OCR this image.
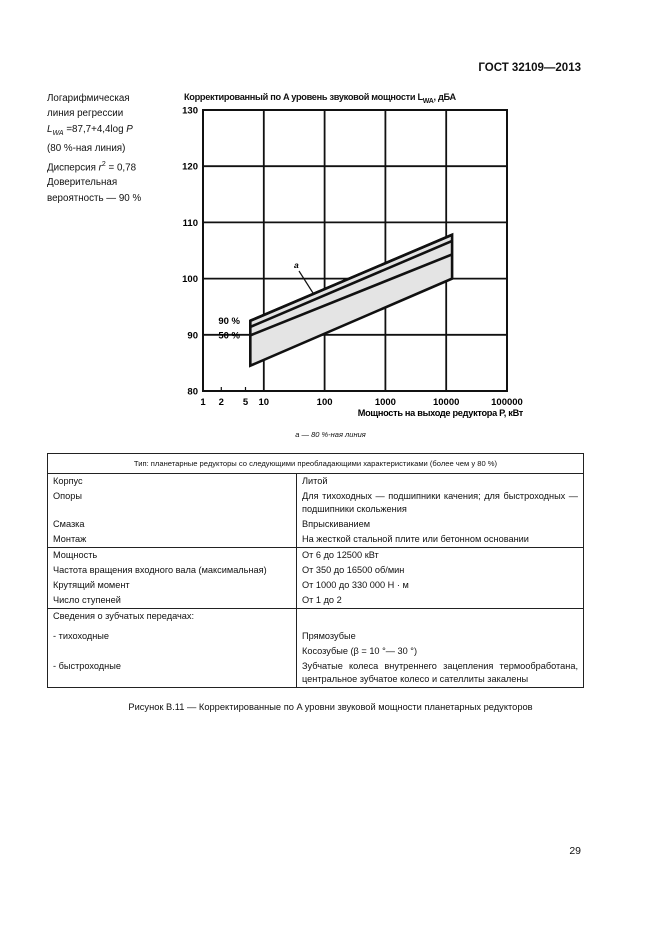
ГОСТ 32109—2013
Логарифмическая
линия регрессии
$L_{WA} =87,7+4,4\log$ P
(80 %-ная линия)
Дисперсия $r^2 = 0,78$
Доверительная
вероятность — 90 %
Корректированный по A уровень звуковой мощности $L_{WA}$, дБА
80
90
100
110
120
130
1 2 5 10	100	1000	10000	100000
Мощность на выходе редуктора P, кВт
90 %
50 %
a
a — 80 %-ная линия
Тип: планетарные редукторы со следующими преобладающими характеристиками (более чем у 80 %)	
Корпус	Литой
Опоры	Для тихоходных — подшипники качения; для быстроходных — подшипники скольжения
Смазка	Впрыскиванием
Монтаж	На жесткой стальной плите или бетонном основании
Мощность	От 6 до 12500 кВт
Частота вращения входного вала (максимальная)	От 350 до 16500 об/мин
Крутящий момент	От 1000 до 330 000 Н · м
Число ступеней	От 1 до 2
Сведения о зубчатых передачах:	
- тихоходные	Прямозубые
	Косозубые (β = 10 °— 30 °)
- быстроходные	Зубчатые колеса внутреннего зацепления термообработана, центральное зубчатое колесо и сателлиты закалены
Рисунок В.11 — Корректированные по A уровни звуковой мощности планетарных редукторов
29
